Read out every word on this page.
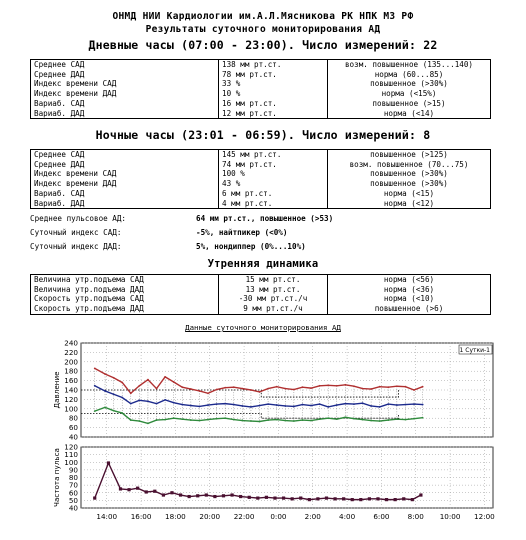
ОНМД НИИ Кардиологии им.А.Л.Мясникова РК НПК МЗ РФ
Результаты суточного мониторирования АД
Дневные часы (07:00 - 23:00). Число измерений: 22
Среднее САД	138 мм рт.ст.	возм. повышенное (135...140)
Среднее ДАД	78 мм рт.ст.	норма (60...85)
Индекс времени САД	33 %	повышенное (>30%)
Индекс времени ДАД	10 %	норма (<15%)
Вариаб. САД	16 мм рт.ст.	повышенное (>15)
Вариаб. ДАД	12 мм рт.ст.	норма (<14)
Ночные часы (23:01 - 06:59). Число измерений: 8
Среднее САД	145 мм рт.ст.	повышенное (>125)
Среднее ДАД	74 мм рт.ст.	возм. повышенное (70...75)
Индекс времени САД	100 %	повышенное (>30%)
Индекс времени ДАД	43 %	повышенное (>30%)
Вариаб. САД	6 мм рт.ст.	норма (<15)
Вариаб. ДАД	4 мм рт.ст.	норма (<12)
Среднее пульсовое АД:	64 мм рт.ст., повышенное (>53)
Суточный индекс САД:	-5%, найтпикер (<0%)
Суточный индекс ДАД:	5%, нондиппер (0%...10%)
Утренняя динамика
Величина утр.подъема САД	15 мм рт.ст.	норма (<56)
Величина утр.подъема ДАД	13 мм рт.ст.	норма (<36)
Скорость утр.подъема САД	-30 мм рт.ст./ч	норма (<10)
Скорость утр.подъема ДАД	9 мм рт.ст./ч	повышенное (>6)
Данные суточного мониторирования АД
40
60
80
100
120
140
160
180
200
220
240
Давление
1 Сутки-1
40
50
60
70
80
90
100
110
120
14:00 16:00 18:00 20:00 22:00 0:00	2:00	4:00	6:00	8:00 10:00 12:00
Частота пульса
